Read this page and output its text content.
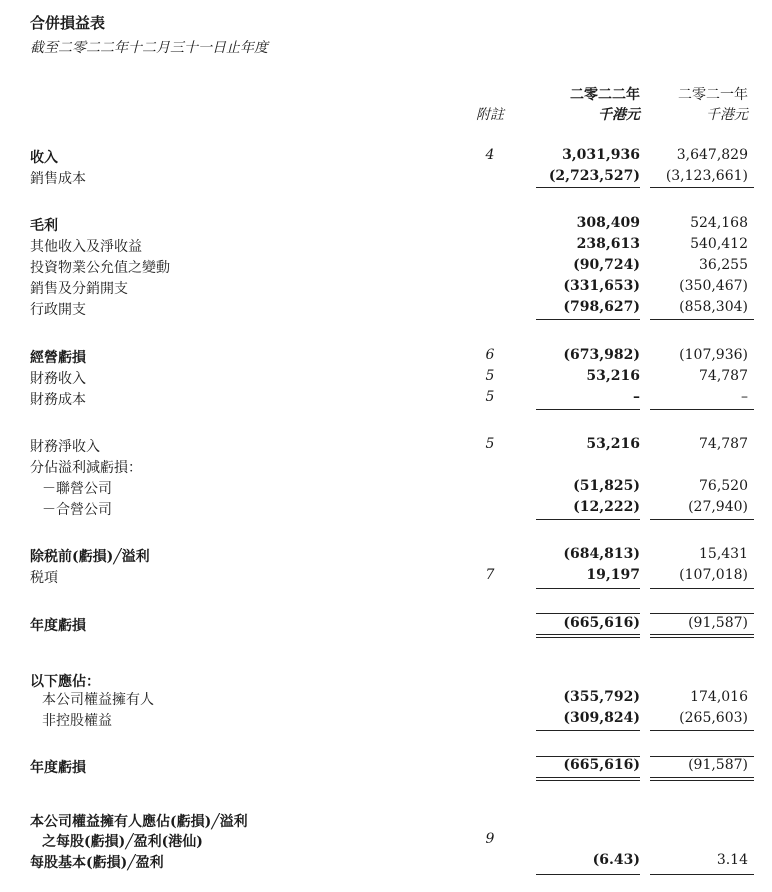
合併損益表
截至二零二二年十二月三十一日止年度
二零二二年
千港元
二零二一年
千港元
附註
收入	4	3,031,936	3,647,829
銷售成本	(2,723,527) (3,123,661)
毛利	308,409	524,168
其他收入及淨收益	238,613	540,412
投資物業公允值之變動	(90,724)	36,255
銷售及分銷開支	(331,653)	(350,467)
行政開支	(798,627)	(858,304)
經營虧損	6	(673,982)	(107,936)
財務收入	5	53,216	74,787
財務成本	5	–	–
財務淨收入	5	53,216	74,787
分佔溢利減虧損：
－聯營公司	(51,825)	76,520
－合營公司	(12,222)	(27,940)
除税前(虧損)╱溢利	(684,813)	15,431
税項	7	19,197	(107,018)
年度虧損	(665,616)	(91,587)
以下應佔：
本公司權益擁有人	(355,792)	174,016
非控股權益	(309,824)	(265,603)
年度虧損	(665,616)	(91,587)
本公司權益擁有人應佔(虧損)╱溢利
之每股(虧損)╱盈利(港仙)	9
每股基本(虧損)╱盈利	(6.43)	3.14
